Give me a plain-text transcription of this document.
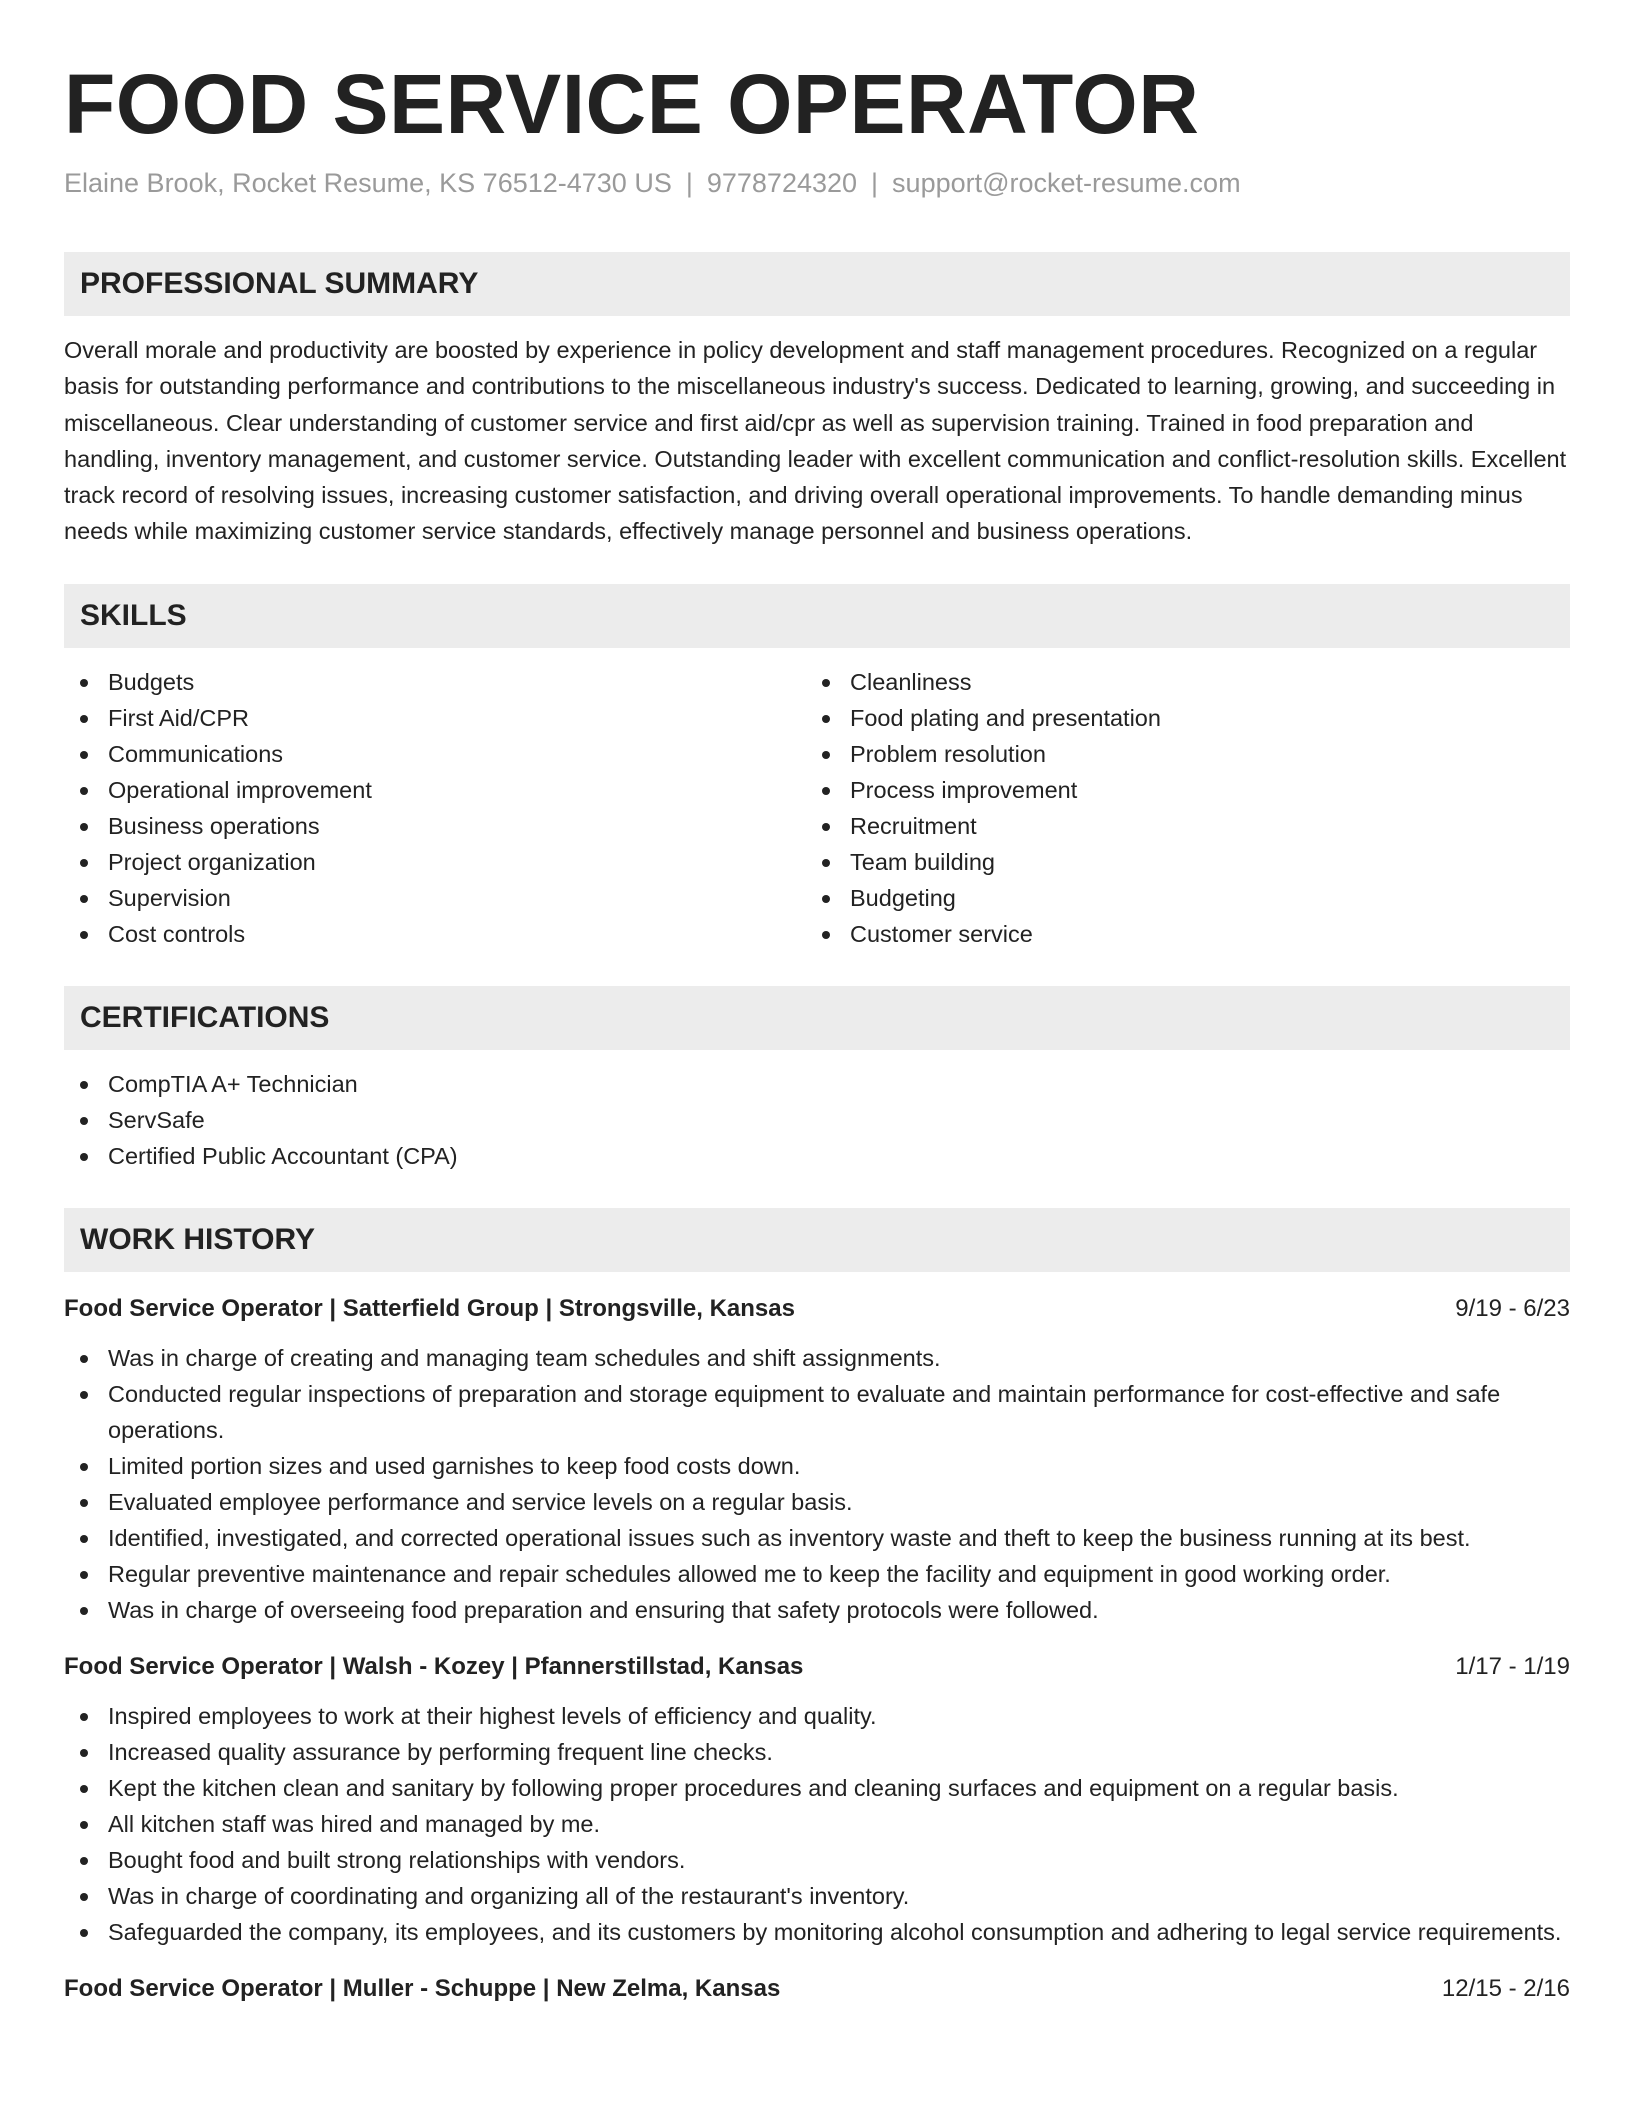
FOOD SERVICE OPERATOR
Elaine Brook, Rocket Resume, KS 76512-4730 US | 9778724320 | support@rocket-resume.com
PROFESSIONAL SUMMARY

Overall morale and productivity are boosted by experience in policy development and staff management procedures. Recognized on a regular basis for outstanding performance and contributions to the miscellaneous industry's success. Dedicated to learning, growing, and succeeding in miscellaneous. Clear understanding of customer service and first aid/cpr as well as supervision training. Trained in food preparation and handling, inventory management, and customer service. Outstanding leader with excellent communication and conflict-resolution skills. Excellent track record of resolving issues, increasing customer satisfaction, and driving overall operational improvements. To handle demanding minus needs while maximizing customer service standards, effectively manage personnel and business operations.

SKILLS
Budgets
First Aid/CPR
Communications
Operational improvement
Business operations
Project organization
Supervision
Cost controls
Cleanliness
Food plating and presentation
Problem resolution
Process improvement
Recruitment
Team building
Budgeting
Customer service
CERTIFICATIONS
CompTIA A+ Technician
ServSafe
Certified Public Accountant (CPA)
WORK HISTORY
Food Service Operator | Satterfield Group | Strongsville, Kansas	9/19 - 6/23
Was in charge of creating and managing team schedules and shift assignments.
Conducted regular inspections of preparation and storage equipment to evaluate and maintain performance for cost-effective and safe operations.
Limited portion sizes and used garnishes to keep food costs down.
Evaluated employee performance and service levels on a regular basis.
Identified, investigated, and corrected operational issues such as inventory waste and theft to keep the business running at its best.
Regular preventive maintenance and repair schedules allowed me to keep the facility and equipment in good working order.
Was in charge of overseeing food preparation and ensuring that safety protocols were followed.
Food Service Operator | Walsh - Kozey | Pfannerstillstad, Kansas	1/17 - 1/19
Inspired employees to work at their highest levels of efficiency and quality.
Increased quality assurance by performing frequent line checks.
Kept the kitchen clean and sanitary by following proper procedures and cleaning surfaces and equipment on a regular basis.
All kitchen staff was hired and managed by me.
Bought food and built strong relationships with vendors.
Was in charge of coordinating and organizing all of the restaurant's inventory.
Safeguarded the company, its employees, and its customers by monitoring alcohol consumption and adhering to legal service requirements.
Food Service Operator | Muller - Schuppe | New Zelma, Kansas	12/15 - 2/16
